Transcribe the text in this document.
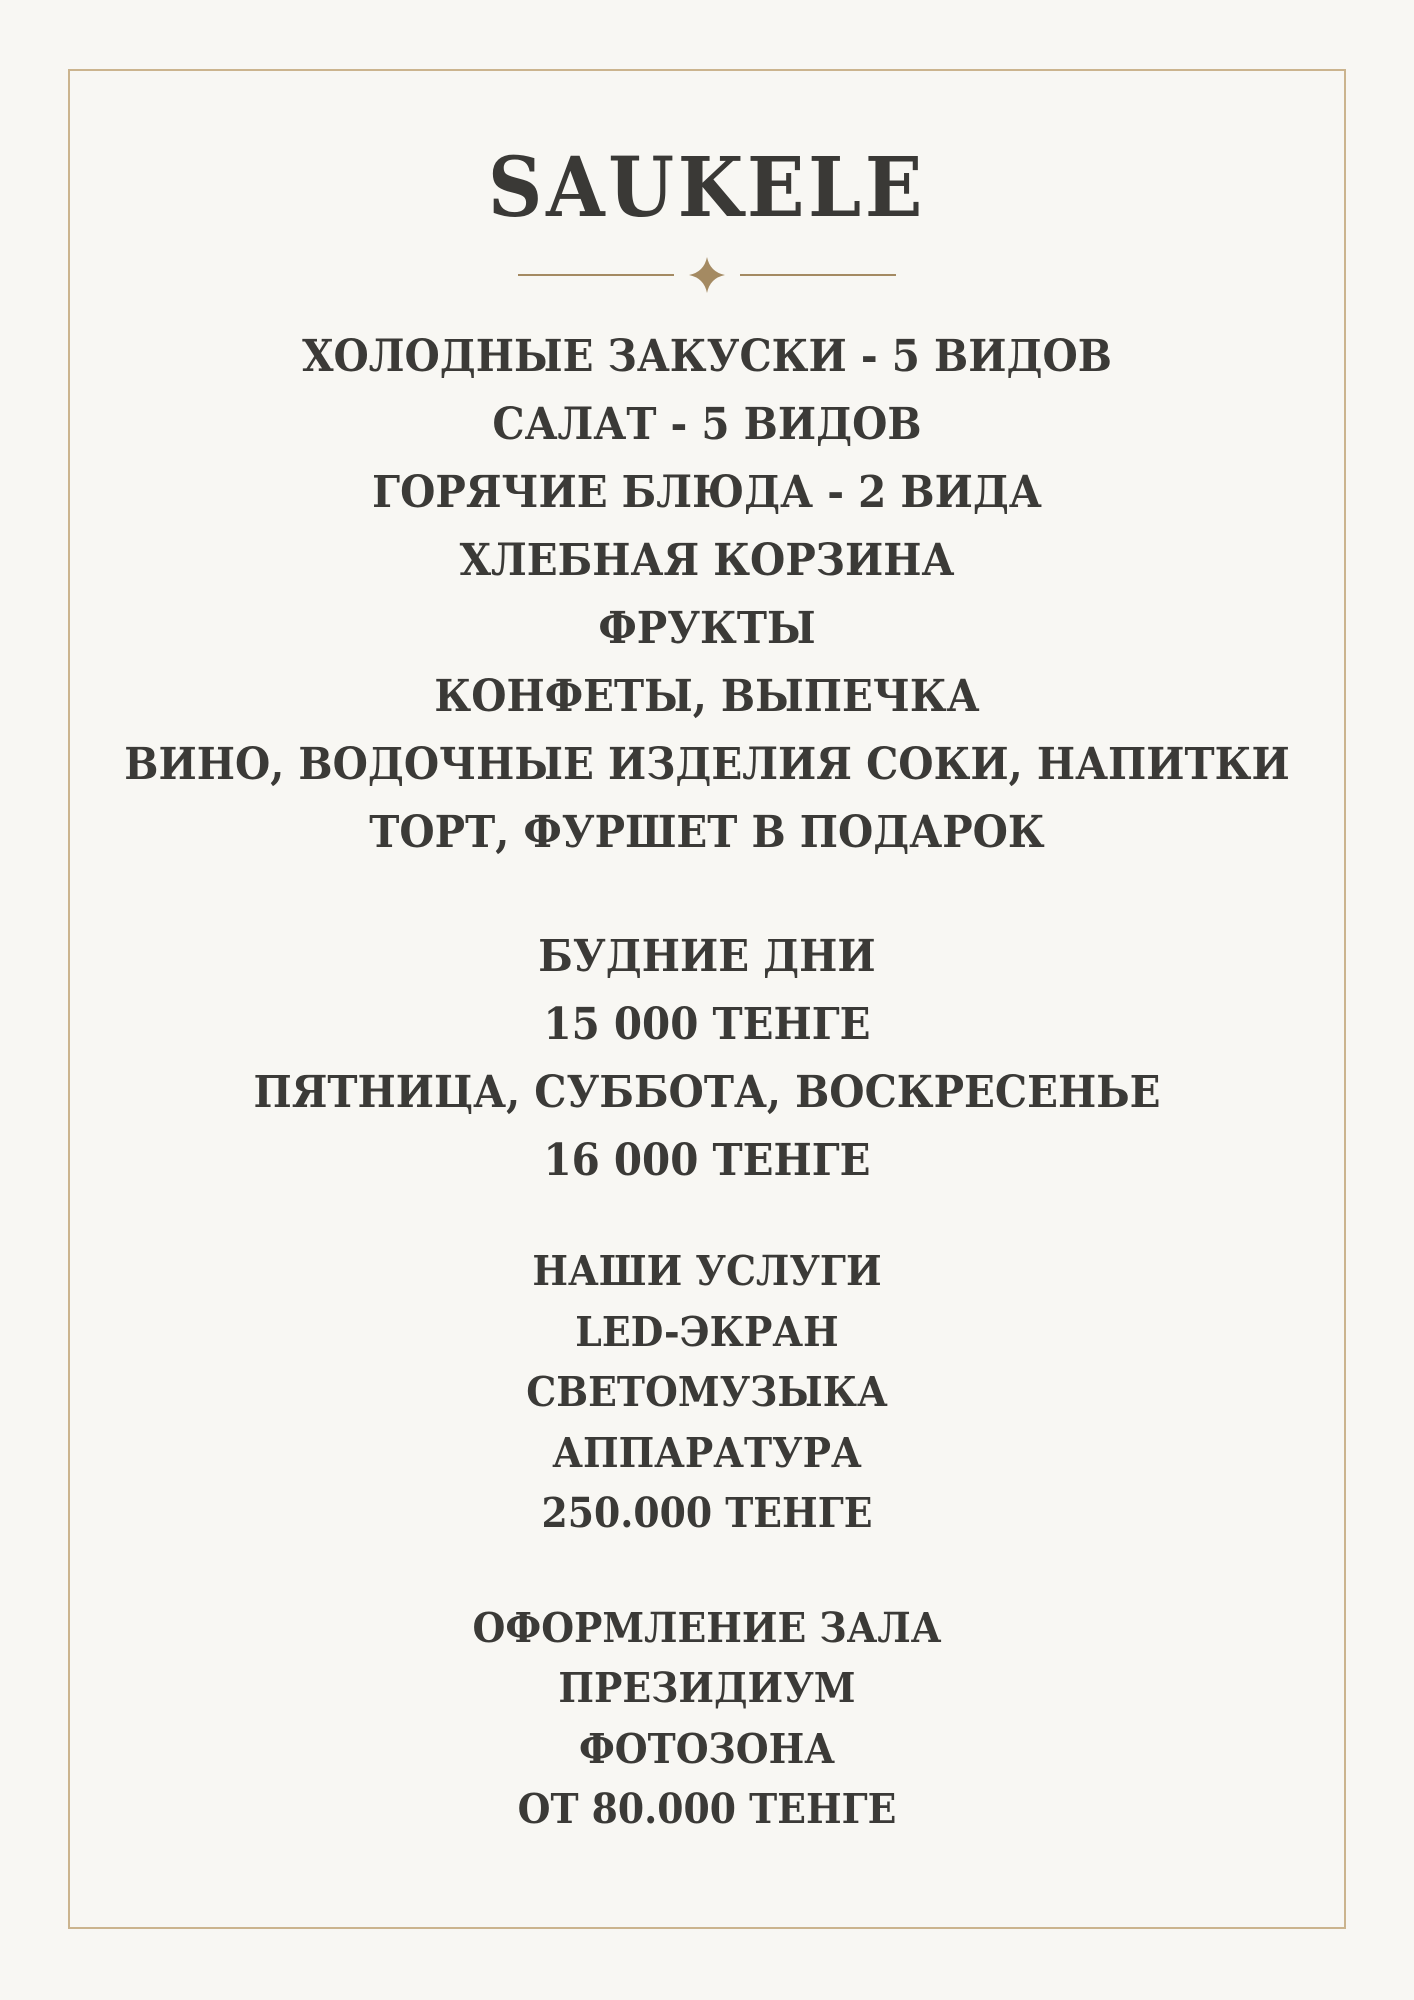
SAUKELE
ХОЛОДНЫЕ ЗАКУСКИ - 5 ВИДОВ
САЛАТ - 5 ВИДОВ
ГОРЯЧИЕ БЛЮДА - 2 ВИДА
ХЛЕБНАЯ КОРЗИНА
ФРУКТЫ
КОНФЕТЫ, ВЫПЕЧКА
ВИНО, ВОДОЧНЫЕ ИЗДЕЛИЯ СОКИ, НАПИТКИ
ТОРТ, ФУРШЕТ В ПОДАРОК
БУДНИЕ ДНИ
15 000 ТЕНГЕ
ПЯТНИЦА, СУББОТА, ВОСКРЕСЕНЬЕ
16 000 ТЕНГЕ
НАШИ УСЛУГИ
LED-ЭКРАН
СВЕТОМУЗЫКА
АППАРАТУРА
250.000 ТЕНГЕ
ОФОРМЛЕНИЕ ЗАЛА
ПРЕЗИДИУМ
ФОТОЗОНА
ОТ 80.000 ТЕНГЕ
